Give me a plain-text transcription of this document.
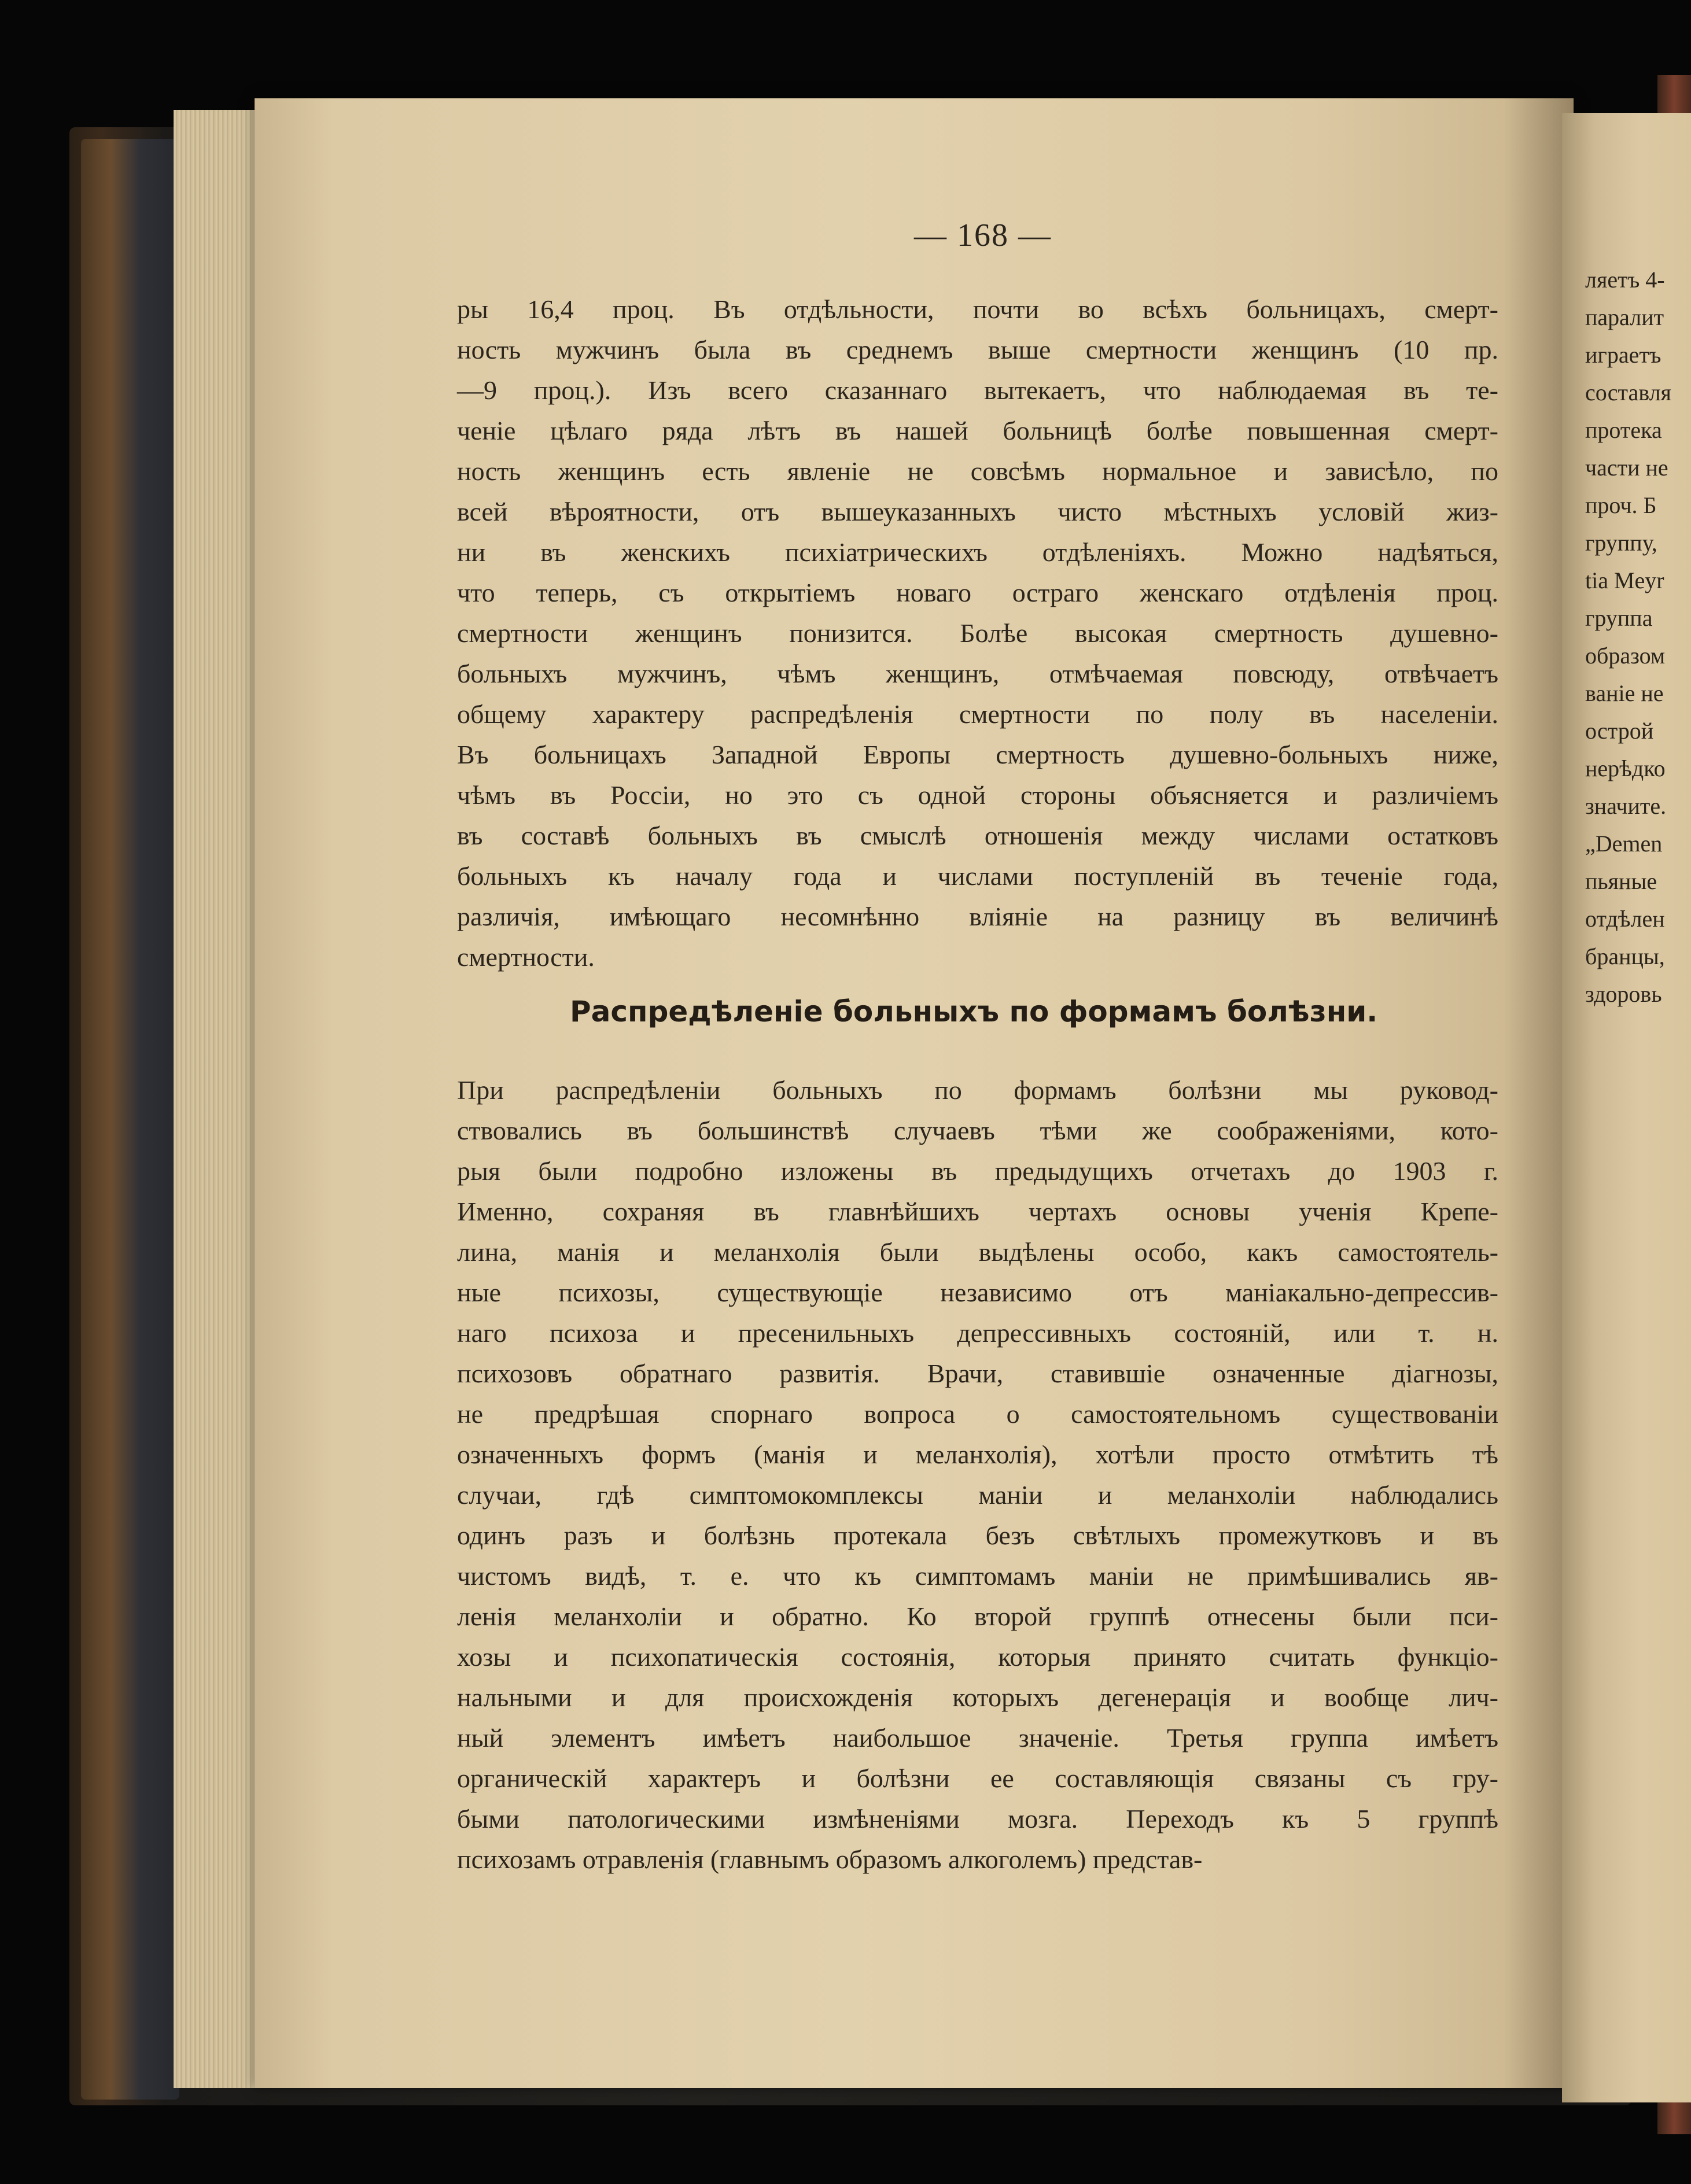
ляетъ 4-
паралит
играетъ
составля
протека
части не
проч. Б
группу,
tia Meyr
группа
образом
ваніе не
острой
нерѣдко
значите.
„Demen
пьяные
отдѣлен
бранцы,
здоровь
— 168 —
ры 16,4 проц. Въ отдѣльности, почти во всѣхъ больницахъ, смерт-
ность мужчинъ была въ среднемъ выше смертности женщинъ (10 пр.
—9 проц.). Изъ всего сказаннаго вытекаетъ, что наблюдаемая въ те-
ченіе цѣлаго ряда лѣтъ въ нашей больницѣ болѣе повышенная смерт-
ность женщинъ есть явленіе не совсѣмъ нормальное и зависѣло, по
всей вѣроятности, отъ вышеуказанныхъ чисто мѣстныхъ условій жиз-
ни въ женскихъ психіатрическихъ отдѣленіяхъ. Можно надѣяться,
что теперь, съ открытіемъ новаго остраго женскаго отдѣленія проц.
смертности женщинъ понизится. Болѣе высокая смертность душевно-
больныхъ мужчинъ, чѣмъ женщинъ, отмѣчаемая повсюду, отвѣчаетъ
общему характеру распредѣленія смертности по полу въ населеніи.
Въ больницахъ Западной Европы смертность душевно-больныхъ ниже,
чѣмъ въ Россіи, но это съ одной стороны объясняется и различіемъ
въ составѣ больныхъ въ смыслѣ отношенія между числами остатковъ
больныхъ къ началу года и числами поступленій въ теченіе года,
различія, имѣющаго несомнѣнно вліяніе на разницу въ величинѣ
смертности.
Распредѣленіе больныхъ по формамъ болѣзни.
При распредѣленіи больныхъ по формамъ болѣзни мы руковод-
ствовались въ большинствѣ случаевъ тѣми же соображеніями, кото-
рыя были подробно изложены въ предыдущихъ отчетахъ до 1903 г.
Именно, сохраняя въ главнѣйшихъ чертахъ основы ученія Крепе-
лина, манія и меланхолія были выдѣлены особо, какъ самостоятель-
ные психозы, существующіе независимо отъ маніакально-депрессив-
наго психоза и пресенильныхъ депрессивныхъ состояній, или т. н.
психозовъ обратнаго развитія. Врачи, ставившіе означенные діагнозы,
не предрѣшая спорнаго вопроса о самостоятельномъ существованіи
означенныхъ формъ (манія и меланхолія), хотѣли просто отмѣтить тѣ
случаи, гдѣ симптомокомплексы маніи и меланхоліи наблюдались
одинъ разъ и болѣзнь протекала безъ свѣтлыхъ промежутковъ и въ
чистомъ видѣ, т. е. что къ симптомамъ маніи не примѣшивались яв-
ленія меланхоліи и обратно. Ко второй группѣ отнесены были пси-
хозы и психопатическія состоянія, которыя принято считать функціо-
нальными и для происхожденія которыхъ дегенерація и вообще лич-
ный элементъ имѣетъ наибольшое значеніе. Третья группа имѣетъ
органическій характеръ и болѣзни ее составляющія связаны съ гру-
быми патологическими измѣненіями мозга. Переходъ къ 5 группѣ
психозамъ отравленія (главнымъ образомъ алкоголемъ) представ-
